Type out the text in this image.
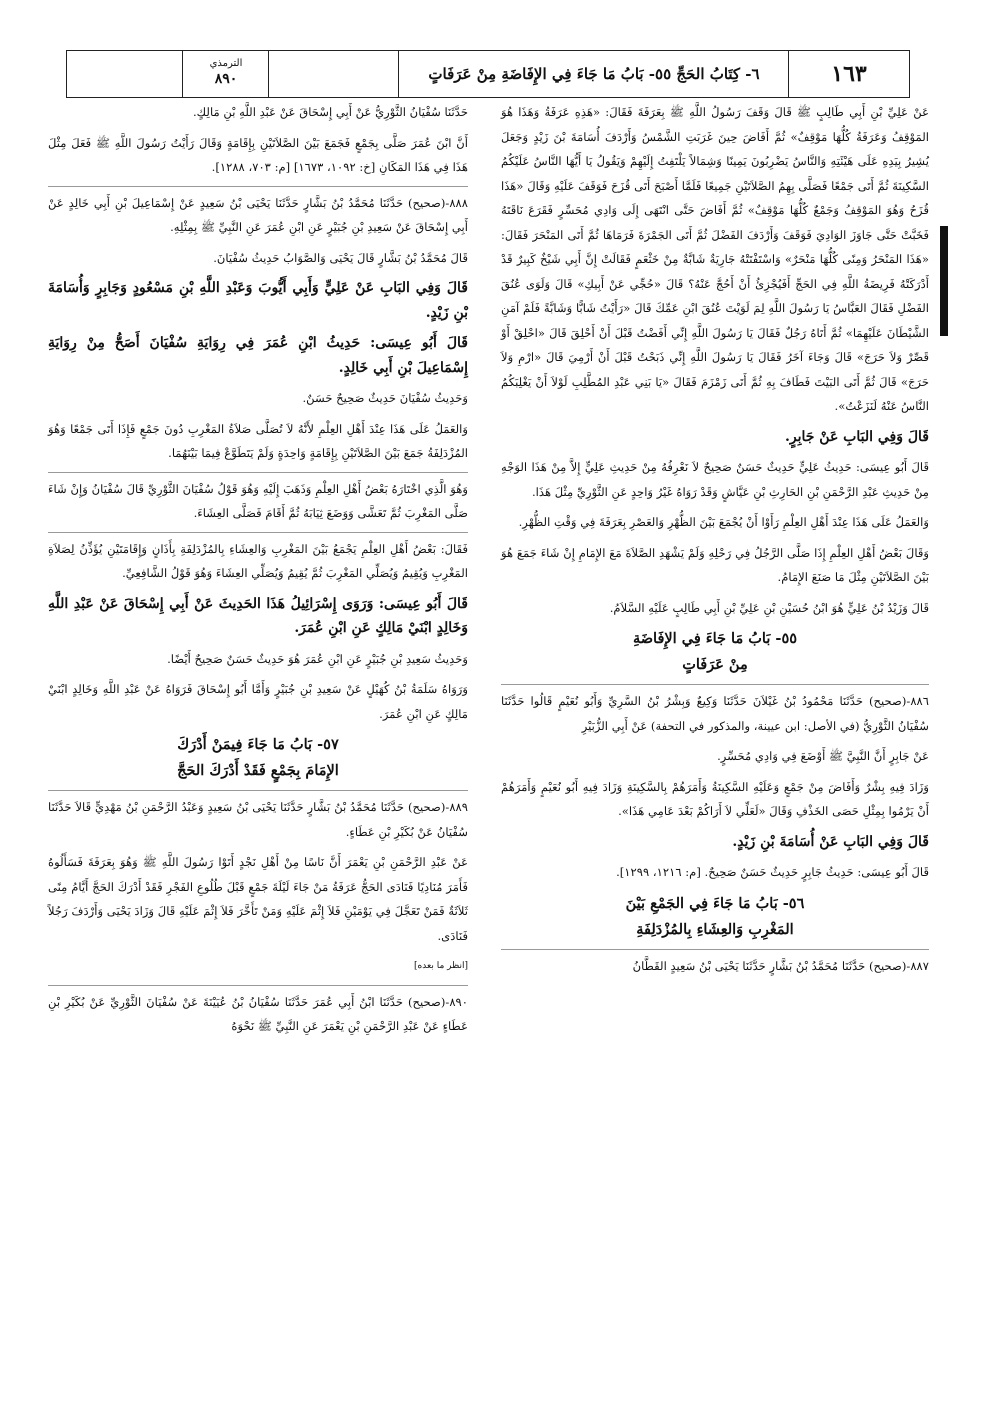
١٦٣
٦- كِتَابُ الحَجِّ ٥٥- بَابُ مَا جَاءَ فِي الإِفَاضَةِ مِنْ عَرَفَاتٍ
الترمذي
٨٩٠

عَنْ عَلِيِّ بْنِ أَبِي طَالِبٍ ﷺ قَالَ وَقَفَ رَسُولُ اللَّهِ ﷺ بِعَرَفَةَ فَقَالَ: «هَذِهِ عَرَفَةُ وَهَذَا هُوَ المَوْقِفُ وَعَرَفَةُ كُلُّهَا مَوْقِفٌ» ثُمَّ أَفَاضَ حِينَ غَرَبَتِ الشَّمْسُ وَأَرْدَفَ أُسَامَةَ بْنَ زَيْدٍ وَجَعَلَ يُشِيرُ بِيَدِهِ عَلَى هَيْئَتِهِ وَالنَّاسُ يَضْرِبُونَ يَمِينًا وَشِمَالاً يَلْتَفِتُ إِلَيْهِمْ وَيَقُولُ يَا أَيُّهَا النَّاسُ عَلَيْكُمُ السَّكِينَةَ ثُمَّ أَتَى جَمْعًا فَصَلَّى بِهِمُ الصَّلاَتَيْنِ جَمِيعًا فَلَمَّا أَصْبَحَ أَتَى قُزَحَ فَوَقَفَ عَلَيْهِ وَقَالَ «هَذَا قُزَحُ وَهُوَ المَوْقِفُ وَجَمْعٌ كُلُّهَا مَوْقِفٌ» ثُمَّ أَفَاضَ حَتَّى انْتَهَى إِلَى وَادِي مُحَسِّرٍ فَقَرَعَ نَاقَتَهُ فَخَبَّتْ حَتَّى جَاوَزَ الوَادِيَ فَوَقَفَ وَأَرْدَفَ الفَضْلَ ثُمَّ أَتَى الجَمْرَةَ فَرَمَاهَا ثُمَّ أَتَى المَنْحَرَ فَقَالَ: «هَذَا المَنْحَرُ وَمِنًى كُلُّهَا مَنْحَرٌ» وَاسْتَفْتَتْهُ جَارِيَةٌ شَابَّةٌ مِنْ خَثْعَمٍ فَقَالَتْ إِنَّ أَبِي شَيْخٌ كَبِيرٌ قَدْ أَدْرَكَتْهُ فَرِيضَةُ اللَّهِ فِي الحَجِّ أَفَيُجْزِئُ أَنْ أَحُجَّ عَنْهُ؟ قَالَ «حُجِّي عَنْ أَبِيكِ» قَالَ وَلَوَى عُنُقَ الفَضْلِ فَقَالَ العَبَّاسُ يَا رَسُولَ اللَّهِ لِمَ لَوَيْتَ عُنُقَ ابْنِ عَمِّكَ قَالَ «رَأَيْتُ شَابًّا وَشَابَّةً فَلَمْ آمَنِ الشَّيْطَانَ عَلَيْهِمَا» ثُمَّ أَتَاهُ رَجُلٌ فَقَالَ يَا رَسُولَ اللَّهِ إِنِّي أَفَضْتُ قَبْلَ أَنْ أَحْلِقَ قَالَ «احْلِقْ أَوْ قَصِّرْ وَلاَ حَرَجَ» قَالَ وَجَاءَ آخَرُ فَقَالَ يَا رَسُولَ اللَّهِ إِنِّي ذَبَحْتُ قَبْلَ أَنْ أَرْمِيَ قَالَ «ارْمِ وَلاَ حَرَجَ» قَالَ ثُمَّ أَتَى البَيْتَ فَطَافَ بِهِ ثُمَّ أَتَى زَمْزَمَ فَقَالَ «يَا بَنِي عَبْدِ المُطَّلِبِ لَوْلاَ أَنْ يَغْلِبَكُمُ النَّاسُ عَنْهُ لَنَزَعْتُ».

قَالَ وَفِي البَابِ عَنْ جَابِرٍ.

قَالَ أَبُو عِيسَى: حَدِيثُ عَلِيٍّ حَدِيثٌ حَسَنٌ صَحِيحٌ لاَ نَعْرِفُهُ مِنْ حَدِيثِ عَلِيٍّ إِلاَّ مِنْ هَذَا الوَجْهِ مِنْ حَدِيثِ عَبْدِ الرَّحْمَنِ بْنِ الحَارِثِ بْنِ عَيَّاشٍ وَقَدْ رَوَاهُ غَيْرُ وَاحِدٍ عَنِ الثَّوْرِيِّ مِثْلَ هَذَا.

وَالعَمَلُ عَلَى هَذَا عِنْدَ أَهْلِ العِلْمِ رَأَوْا أَنْ يُجْمَعَ بَيْنَ الظُّهْرِ وَالعَصْرِ بِعَرَفَةَ فِي وَقْتِ الظُّهْرِ.

وَقَالَ بَعْضُ أَهْلِ العِلْمِ إِذَا صَلَّى الرَّجُلُ فِي رَحْلِهِ وَلَمْ يَشْهَدِ الصَّلاَةَ مَعَ الإِمَامِ إِنْ شَاءَ جَمَعَ هُوَ بَيْنَ الصَّلاَتَيْنِ مِثْلَ مَا صَنَعَ الإِمَامُ.

قَالَ وَزَيْدُ بْنُ عَلِيٍّ هُوَ ابْنُ حُسَيْنِ بْنِ عَلِيِّ بْنِ أَبِي طَالِبٍ عَلَيْهِ السَّلاَمُ.

٥٥- بَابُ مَا جَاءَ فِي الإِفَاضَةِ
مِنْ عَرَفَاتٍ

٨٨٦-(صحيح) حَدَّثَنَا مَحْمُودُ بْنُ غَيْلاَنَ حَدَّثَنَا وَكِيعٌ وَبِشْرُ بْنُ السَّرِيِّ وَأَبُو نُعَيْمٍ قَالُوا حَدَّثَنَا سُفْيَانُ الثَّوْرِيُّ (في الأصل: ابن عيينة، والمذكور في التحفة) عَنْ أَبِي الزُّبَيْرِ

عَنْ جَابِرٍ أَنَّ النَّبِيَّ ﷺ أَوْضَعَ فِي وَادِي مُحَسِّرٍ.

وَزَادَ فِيهِ بِشْرٌ وَأَفَاضَ مِنْ جَمْعٍ وَعَلَيْهِ السَّكِينَةُ وَأَمَرَهُمْ بِالسَّكِينَةِ وَزَادَ فِيهِ أَبُو نُعَيْمٍ وَأَمَرَهُمْ أَنْ يَرْمُوا بِمِثْلِ حَصَى الخَذْفِ وَقَالَ «لَعَلِّي لاَ أَرَاكُمْ بَعْدَ عَامِي هَذَا».

قَالَ وَفِي البَابِ عَنْ أُسَامَةَ بْنِ زَيْدٍ.

قَالَ أَبُو عِيسَى: حَدِيثُ جَابِرٍ حَدِيثٌ حَسَنٌ صَحِيحٌ. [م: ١٢١٦، ١٢٩٩].

٥٦- بَابُ مَا جَاءَ فِي الجَمْعِ بَيْنَ
المَغْرِبِ وَالعِشَاءِ بِالمُزْدَلِفَةِ

٨٨٧-(صحيح) حَدَّثَنَا مُحَمَّدُ بْنُ بَشَّارٍ حَدَّثَنَا يَحْيَى بْنُ سَعِيدٍ القَطَّانُ

حَدَّثَنَا سُفْيَانُ الثَّوْرِيُّ عَنْ أَبِي إِسْحَاقَ عَنْ عَبْدِ اللَّهِ بْنِ مَالِكٍ.

أَنَّ ابْنَ عُمَرَ صَلَّى بِجَمْعٍ فَجَمَعَ بَيْنَ الصَّلاَتَيْنِ بِإِقَامَةٍ وَقَالَ رَأَيْتُ رَسُولَ اللَّهِ ﷺ فَعَلَ مِثْلَ هَذَا فِي هَذَا المَكَانِ [خ: ١٠٩٢، ١٦٧٣] [م: ٧٠٣، ١٢٨٨].

٨٨٨-(صحيح) حَدَّثَنَا مُحَمَّدُ بْنُ بَشَّارٍ حَدَّثَنَا يَحْيَى بْنُ سَعِيدٍ عَنْ إِسْمَاعِيلَ بْنِ أَبِي خَالِدٍ عَنْ أَبِي إِسْحَاقَ عَنْ سَعِيدِ بْنِ جُبَيْرٍ عَنِ ابْنِ عُمَرَ عَنِ النَّبِيِّ ﷺ بِمِثْلِهِ.

قَالَ مُحَمَّدُ بْنُ بَشَّارٍ قَالَ يَحْيَى وَالصَّوَابُ حَدِيثُ سُفْيَانَ.

قَالَ وَفِي البَابِ عَنْ عَلِيٍّ وَأَبِي أَيُّوبَ وَعَبْدِ اللَّهِ بْنِ مَسْعُودٍ وَجَابِرٍ وَأُسَامَةَ بْنِ زَيْدٍ.

قَالَ أَبُو عِيسَى: حَدِيثُ ابْنِ عُمَرَ فِي رِوَايَةِ سُفْيَانَ أَصَحُّ مِنْ رِوَايَةِ إِسْمَاعِيلَ بْنِ أَبِي خَالِدٍ.

وَحَدِيثُ سُفْيَانَ حَدِيثٌ صَحِيحٌ حَسَنٌ.

وَالعَمَلُ عَلَى هَذَا عِنْدَ أَهْلِ العِلْمِ لأَنَّهُ لاَ تُصَلَّى صَلاَةُ المَغْرِبِ دُونَ جَمْعٍ فَإِذَا أَتَى جَمْعًا وَهُوَ المُزْدَلِفَةُ جَمَعَ بَيْنَ الصَّلاَتَيْنِ بِإِقَامَةٍ وَاحِدَةٍ وَلَمْ يَتَطَوَّعْ فِيمَا بَيْنَهُمَا.

وَهُوَ الَّذِي اخْتَارَهُ بَعْضُ أَهْلِ العِلْمِ وَذَهَبَ إِلَيْهِ وَهُوَ قَوْلُ سُفْيَانَ الثَّوْرِيِّ قَالَ سُفْيَانُ وَإِنْ شَاءَ صَلَّى المَغْرِبَ ثُمَّ تَعَشَّى وَوَضَعَ ثِيَابَهُ ثُمَّ أَقَامَ فَصَلَّى العِشَاءَ.

فَقَالَ: بَعْضُ أَهْلِ العِلْمِ يَجْمَعُ بَيْنَ المَغْرِبِ وَالعِشَاءِ بِالمُزْدَلِفَةِ بِأَذَانٍ وَإِقَامَتَيْنِ يُؤَذِّنُ لِصَلاَةِ المَغْرِبِ وَيُقِيمُ وَيُصَلِّي المَغْرِبَ ثُمَّ يُقِيمُ وَيُصَلِّي العِشَاءَ وَهُوَ قَوْلُ الشَّافِعِيِّ.

قَالَ أَبُو عِيسَى: وَرَوَى إِسْرَائِيلُ هَذَا الحَدِيثَ عَنْ أَبِي إِسْحَاقَ عَنْ عَبْدِ اللَّهِ وَخَالِدٍ ابْنَيْ مَالِكٍ عَنِ ابْنِ عُمَرَ.

وَحَدِيثُ سَعِيدِ بْنِ جُبَيْرٍ عَنِ ابْنِ عُمَرَ هُوَ حَدِيثٌ حَسَنٌ صَحِيحٌ أَيْضًا.

وَرَوَاهُ سَلَمَةُ بْنُ كُهَيْلٍ عَنْ سَعِيدِ بْنِ جُبَيْرٍ وَأَمَّا أَبُو إِسْحَاقَ فَرَوَاهُ عَنْ عَبْدِ اللَّهِ وَخَالِدٍ ابْنَيْ مَالِكٍ عَنِ ابْنِ عُمَرَ.

٥٧- بَابُ مَا جَاءَ فِيمَنْ أَدْرَكَ
الإِمَامَ بِجَمْعٍ فَقَدْ أَدْرَكَ الحَجَّ

٨٨٩-(صحيح) حَدَّثَنَا مُحَمَّدُ بْنُ بَشَّارٍ حَدَّثَنَا يَحْيَى بْنُ سَعِيدٍ وَعَبْدُ الرَّحْمَنِ بْنُ مَهْدِيٍّ قَالاَ حَدَّثَنَا سُفْيَانُ عَنْ بُكَيْرِ بْنِ عَطَاءٍ.

عَنْ عَبْدِ الرَّحْمَنِ بْنِ يَعْمَرَ أَنَّ نَاسًا مِنْ أَهْلِ نَجْدٍ أَتَوْا رَسُولَ اللَّهِ ﷺ وَهُوَ بِعَرَفَةَ فَسَأَلُوهُ فَأَمَرَ مُنَادِيًا فَنَادَى الحَجُّ عَرَفَةُ مَنْ جَاءَ لَيْلَةَ جَمْعٍ قَبْلَ طُلُوعِ الفَجْرِ فَقَدْ أَدْرَكَ الحَجَّ أَيَّامُ مِنًى ثَلاَثَةٌ فَمَنْ تَعَجَّلَ فِي يَوْمَيْنِ فَلاَ إِثْمَ عَلَيْهِ وَمَنْ تَأَخَّرَ فَلاَ إِثْمَ عَلَيْهِ قَالَ وَزَادَ يَحْيَى وَأَرْدَفَ رَجُلاً فَنَادَى.

[انظر ما بعده]

٨٩٠-(صحيح) حَدَّثَنَا ابْنُ أَبِي عُمَرَ حَدَّثَنَا سُفْيَانُ بْنُ عُيَيْنَةَ عَنْ سُفْيَانَ الثَّوْرِيِّ عَنْ بُكَيْرِ بْنِ عَطَاءٍ عَنْ عَبْدِ الرَّحْمَنِ بْنِ يَعْمَرَ عَنِ النَّبِيِّ ﷺ نَحْوَهُ
